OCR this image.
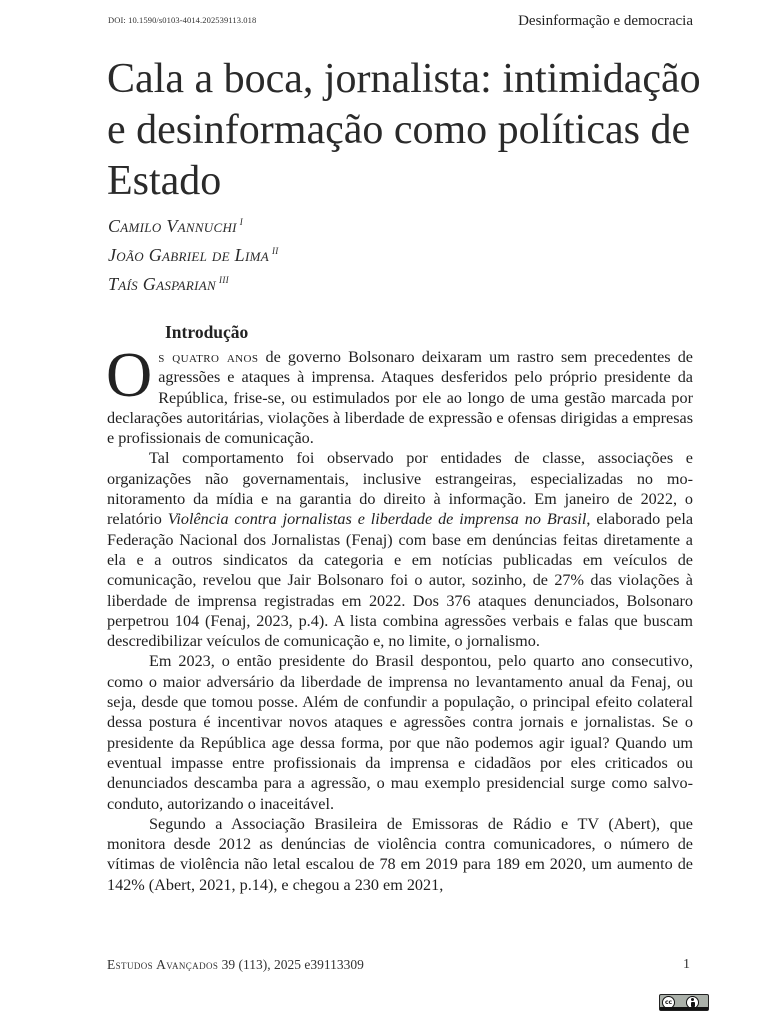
DOI: 10.1590/s0103-4014.202539113.018	Desinformação e democracia
Cala a boca, jornalista: intimidação e desinformação como políticas de Estado
Camilo Vannuchi $^I$
João Gabriel de Lima $^{II}$
Taís Gasparian $^{III}$
Introdução

Os quatro anos de governo Bolsonaro deixaram um rastro sem precedentes de agressões e ataques à imprensa. Ataques desferidos pelo próprio presidente da República, frise-se, ou estimulados por ele ao longo de uma gestão marcada por declarações autoritárias, violações à liberdade de expressão e ofensas dirigidas a empresas e profissionais de comunicação.

Tal comportamento foi observado por entidades de classe, associações e organizações não governamentais, inclusive estrangeiras, especializadas no monitoramento da mídia e na garantia do direito à informação. Em janeiro de 2022, o relatório Violência contra jornalistas e liberdade de imprensa no Brasil, elaborado pela Federação Nacional dos Jornalistas (Fenaj) com base em denúncias feitas diretamente a ela e a outros sindicatos da categoria e em notícias publicadas em veículos de comunicação, revelou que Jair Bolsonaro foi o autor, sozinho, de 27% das violações à liberdade de imprensa registradas em 2022. Dos 376 ataques denunciados, Bolsonaro perpetrou 104 (Fenaj, 2023, p.4). A lista combina agressões verbais e falas que buscam descredibilizar veículos de comunicação e, no limite, o jornalismo.

Em 2023, o então presidente do Brasil despontou, pelo quarto ano consecutivo, como o maior adversário da liberdade de imprensa no levantamento anual da Fenaj, ou seja, desde que tomou posse. Além de confundir a população, o principal efeito colateral dessa postura é incentivar novos ataques e agressões contra jornais e jornalistas. Se o presidente da República age dessa forma, por que não podemos agir igual? Quando um eventual impasse entre profissionais da imprensa e cidadãos por eles criticados ou denunciados descamba para a agressão, o mau exemplo presidencial surge como salvo-conduto, autorizando o inaceitável.

Segundo a Associação Brasileira de Emissoras de Rádio e TV (Abert), que monitora desde 2012 as denúncias de violência contra comunicadores, o número de vítimas de violência não letal escalou de 78 em 2019 para 189 em 2020, um aumento de 142% (Abert, 2021, p.14), e chegou a 230 em 2021,

Estudos Avançados 39 (113), 2025 e39113309	1
cc
